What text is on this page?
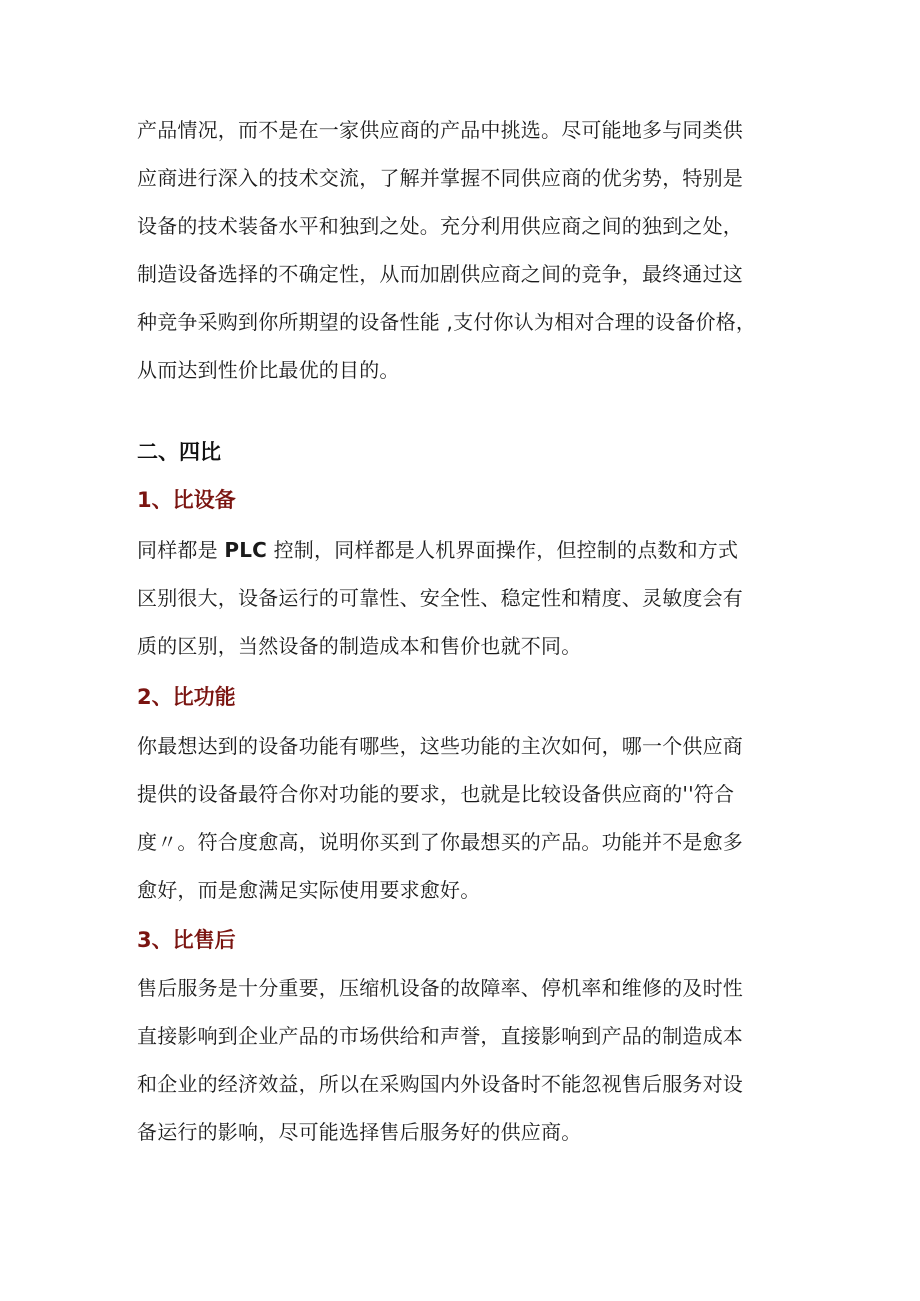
产品情况，而不是在一家供应商的产品中挑选。尽可能地多与同类供
应商进行深入的技术交流，了解并掌握不同供应商的优劣势，特别是
设备的技术装备水平和独到之处。充分利用供应商之间的独到之处，
制造设备选择的不确定性，从而加剧供应商之间的竞争，最终通过这
种竞争采购到你所期望的设备性能 ,支付你认为相对合理的设备价格，
从而达到性价比最优的目的。
二、四比
1、比设备
同样都是 PLC 控制，同样都是人机界面操作，但控制的点数和方式
区别很大，设备运行的可靠性、安全性、稳定性和精度、灵敏度会有
质的区别，当然设备的制造成本和售价也就不同。
2、比功能
你最想达到的设备功能有哪些，这些功能的主次如何，哪一个供应商
提供的设备最符合你对功能的要求，也就是比较设备供应商的''符合
度〃。符合度愈高，说明你买到了你最想买的产品。功能并不是愈多
愈好，而是愈满足实际使用要求愈好。
3、比售后
售后服务是十分重要，压缩机设备的故障率、停机率和维修的及时性
直接影响到企业产品的市场供给和声誉，直接影响到产品的制造成本
和企业的经济效益，所以在采购国内外设备时不能忽视售后服务对设
备运行的影响，尽可能选择售后服务好的供应商。
